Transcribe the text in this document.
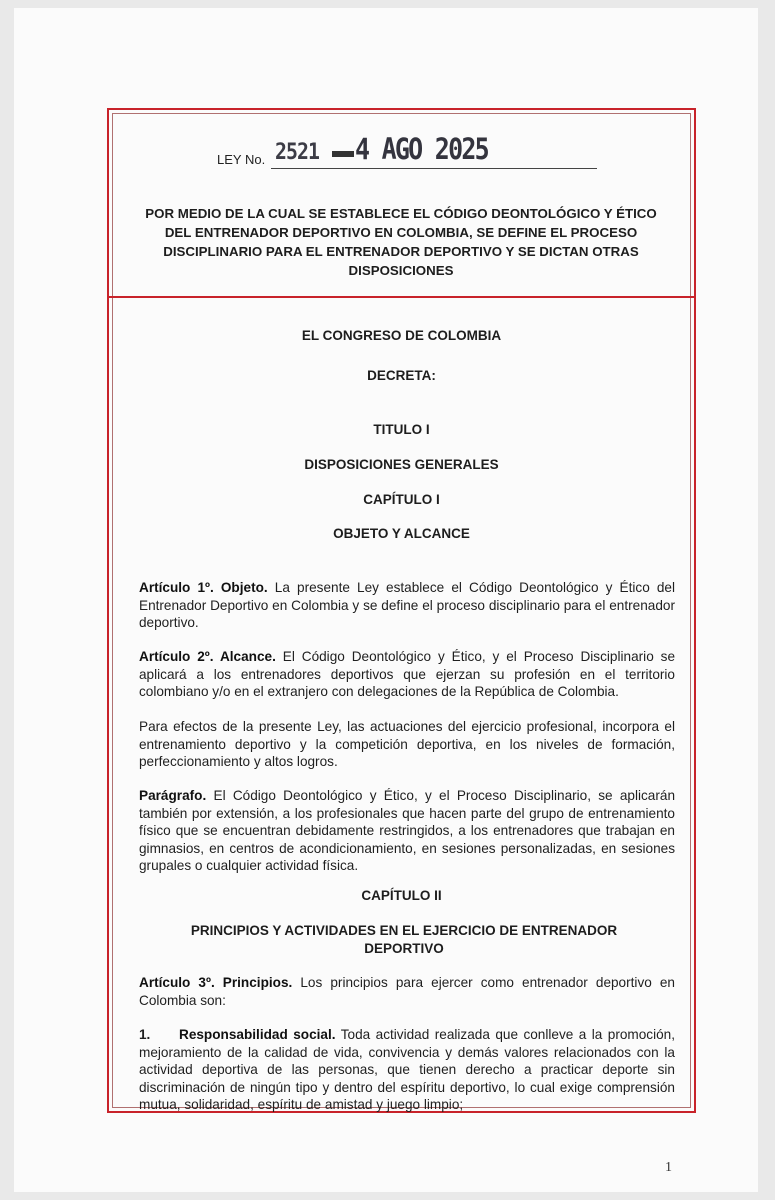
LEY No. 2521 4 AGO 2025
POR MEDIO DE LA CUAL SE ESTABLECE EL CÓDIGO DEONTOLÓGICO Y ÉTICO DEL ENTRENADOR DEPORTIVO EN COLOMBIA, SE DEFINE EL PROCESO DISCIPLINARIO PARA EL ENTRENADOR DEPORTIVO Y SE DICTAN OTRAS DISPOSICIONES
EL CONGRESO DE COLOMBIA
DECRETA:
TITULO I
DISPOSICIONES GENERALES
CAPÍTULO I
OBJETO Y ALCANCE
Artículo 1º. Objeto. La presente Ley establece el Código Deontológico y Ético del Entrenador Deportivo en Colombia y se define el proceso disciplinario para el entrenador deportivo.
Artículo 2º. Alcance. El Código Deontológico y Ético, y el Proceso Disciplinario se aplicará a los entrenadores deportivos que ejerzan su profesión en el territorio colombiano y/o en el extranjero con delegaciones de la República de Colombia.
Para efectos de la presente Ley, las actuaciones del ejercicio profesional, incorpora el entrenamiento deportivo y la competición deportiva, en los niveles de formación, perfeccionamiento y altos logros.
Parágrafo. El Código Deontológico y Ético, y el Proceso Disciplinario, se aplicarán también por extensión, a los profesionales que hacen parte del grupo de entrenamiento físico que se encuentran debidamente restringidos, a los entrenadores que trabajan en gimnasios, en centros de acondicionamiento, en sesiones personalizadas, en sesiones grupales o cualquier actividad física.
CAPÍTULO II
PRINCIPIOS Y ACTIVIDADES EN EL EJERCICIO DE ENTRENADOR DEPORTIVO
Artículo 3º. Principios. Los principios para ejercer como entrenador deportivo en Colombia son:
1. Responsabilidad social. Toda actividad realizada que conlleve a la promoción, mejoramiento de la calidad de vida, convivencia y demás valores relacionados con la actividad deportiva de las personas, que tienen derecho a practicar deporte sin discriminación de ningún tipo y dentro del espíritu deportivo, lo cual exige comprensión mutua, solidaridad, espíritu de amistad y juego limpio;
1
